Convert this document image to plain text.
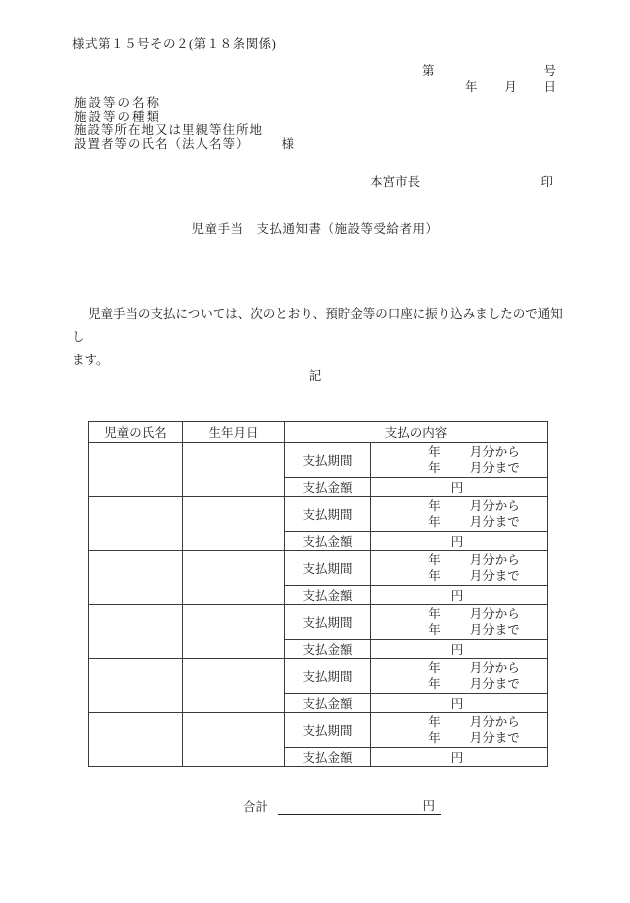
様式第１５号その２(第１８条関係)
第	号
年 月 日
施設等の名称
施設等の種類
施設等所在地又は里親等住所地
設置者等の氏名（法人名等）	様
本宮市長	印
児童手当　支払通知書（施設等受給者用）
児童手当の支払については、次のとおり、預貯金等の口座に振り込みましたので通知し
ます。
記
児童の氏名	生年月日	支払の内容	
		支払期間	年 月分から
年 月分まで

		支払金額	円
		支払期間	年 月分から
年 月分まで

		支払金額	円
		支払期間	年 月分から
年 月分まで

		支払金額	円
		支払期間	年 月分から
年 月分まで

		支払金額	円
		支払期間	年 月分から
年 月分まで

		支払金額	円
		支払期間	年 月分から
年 月分まで

		支払金額	円
合計	円
